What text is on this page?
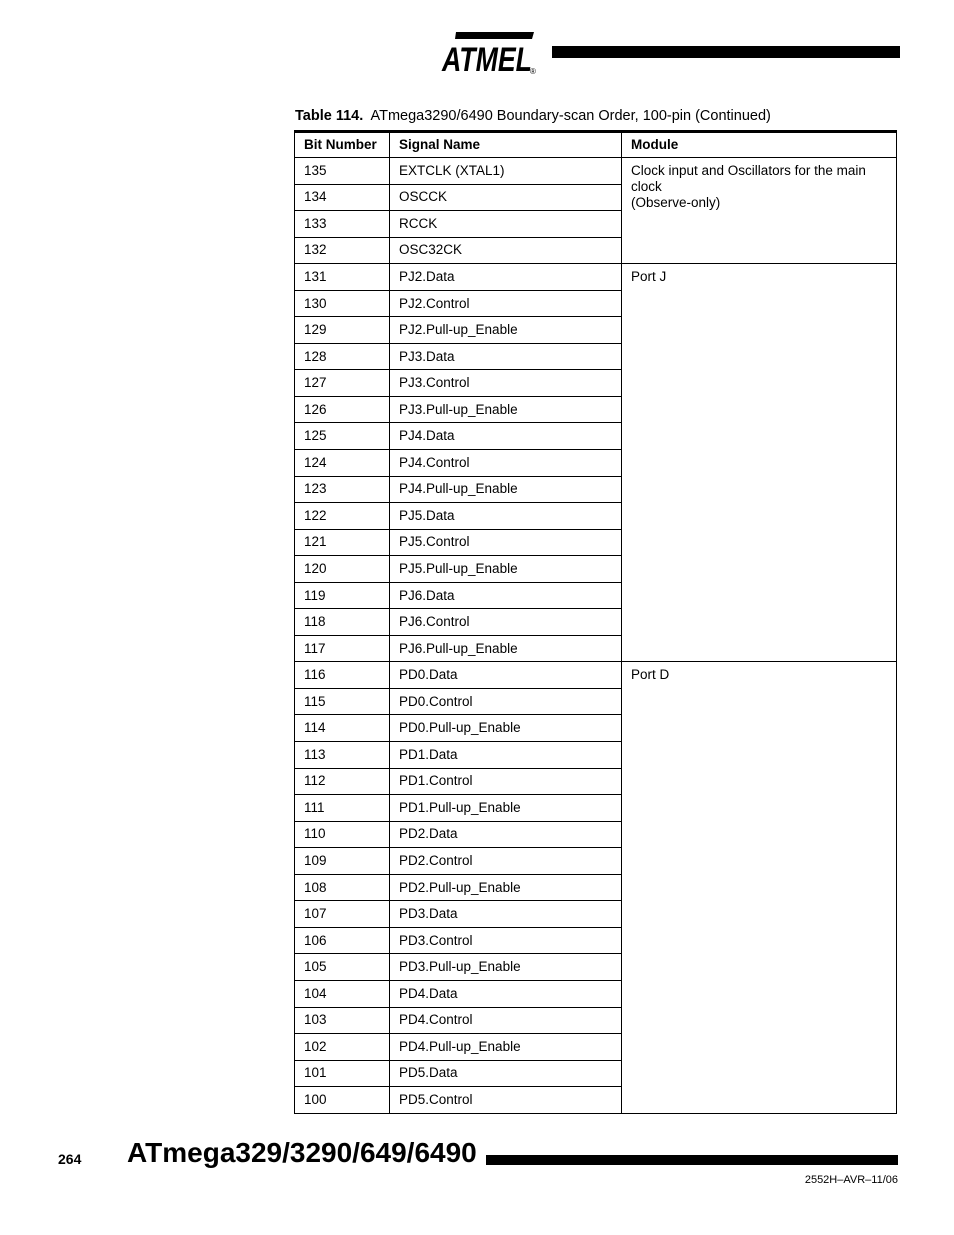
ATMEL
®
Table 114. ATmega3290/6490 Boundary-scan Order, 100-pin (Continued)
Bit Number	Signal Name	Module
135	EXTCLK (XTAL1)	Clock input and Oscillators for the main clock
(Observe-only)
134	OSCCK	
133	RCCK	
132	OSC32CK	
131	PJ2.Data	Port J
130	PJ2.Control	
129	PJ2.Pull-up_Enable	
128	PJ3.Data	
127	PJ3.Control	
126	PJ3.Pull-up_Enable	
125	PJ4.Data	
124	PJ4.Control	
123	PJ4.Pull-up_Enable	
122	PJ5.Data	
121	PJ5.Control	
120	PJ5.Pull-up_Enable	
119	PJ6.Data	
118	PJ6.Control	
117	PJ6.Pull-up_Enable	
116	PD0.Data	Port D
115	PD0.Control	
114	PD0.Pull-up_Enable	
113	PD1.Data	
112	PD1.Control	
111	PD1.Pull-up_Enable	
110	PD2.Data	
109	PD2.Control	
108	PD2.Pull-up_Enable	
107	PD3.Data	
106	PD3.Control	
105	PD3.Pull-up_Enable	
104	PD4.Data	
103	PD4.Control	
102	PD4.Pull-up_Enable	
101	PD5.Data	
100	PD5.Control	
264 ATmega329/3290/649/6490
2552H–AVR–11/06
